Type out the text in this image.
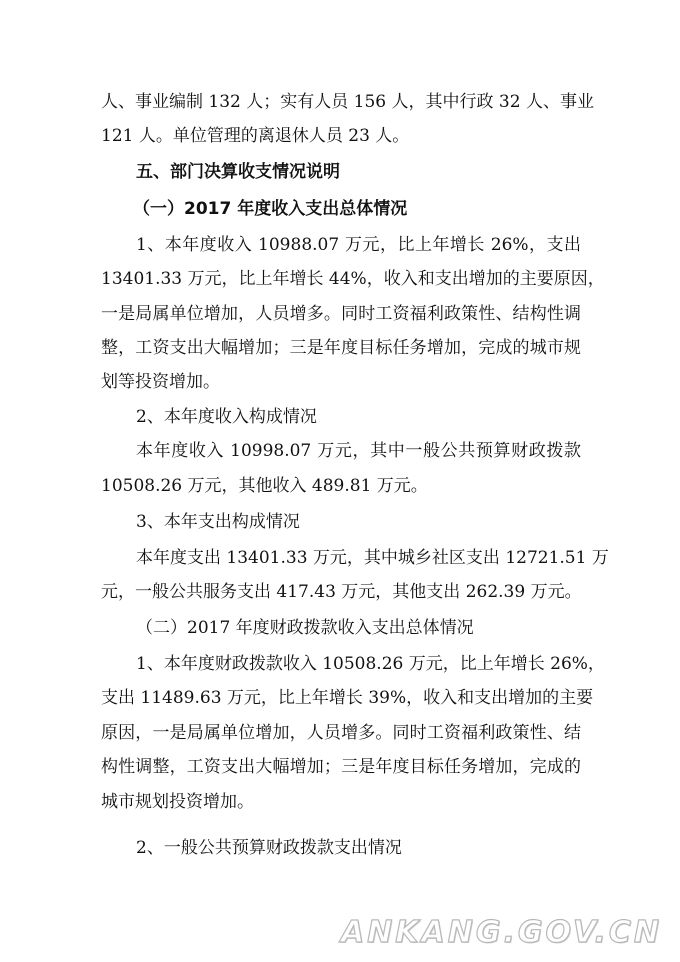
人、事业编制 132 人；实有人员 156 人，其中行政 32 人、事业
121 人。单位管理的离退休人员 23 人。
五、部门决算收支情况说明
（一）2017 年度收入支出总体情况
1、本年度收入 10988.07 万元，比上年增长 26%，支出
13401.33 万元，比上年增长 44%，收入和支出增加的主要原因，
一是局属单位增加，人员增多。同时工资福利政策性、结构性调
整，工资支出大幅增加；三是年度目标任务增加，完成的城市规
划等投资增加。
2、本年度收入构成情况
本年度收入 10998.07 万元，其中一般公共预算财政拨款
10508.26 万元，其他收入 489.81 万元。
3、本年支出构成情况
本年度支出 13401.33 万元，其中城乡社区支出 12721.51 万
元，一般公共服务支出 417.43 万元，其他支出 262.39 万元。
（二）2017 年度财政拨款收入支出总体情况
1、本年度财政拨款收入 10508.26 万元，比上年增长 26%，
支出 11489.63 万元，比上年增长 39%，收入和支出增加的主要
原因，一是局属单位增加，人员增多。同时工资福利政策性、结
构性调整，工资支出大幅增加；三是年度目标任务增加，完成的
城市规划投资增加。
2、一般公共预算财政拨款支出情况
ANKANG.GOV.CN
